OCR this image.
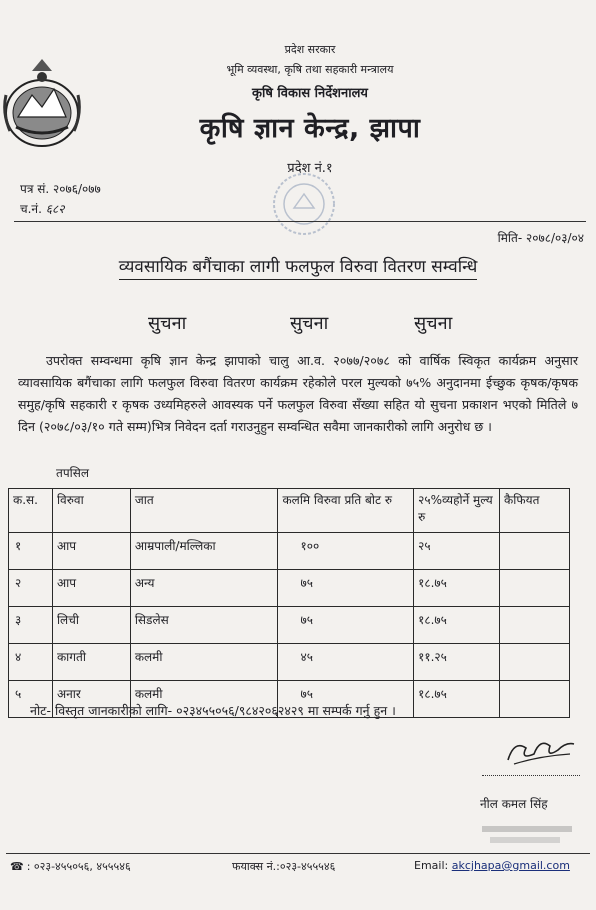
प्रदेश सरकार
भूमि व्यवस्था, कृषि तथा सहकारी मन्त्रालय
कृषि विकास निर्देशनालय
कृषि ज्ञान केन्द्र, झापा
प्रदेश नं.१
पत्र सं. २०७६/०७७
च.नं. ६८२
मिति- २०७८/०३/०४
व्यवसायिक बगैंचाका लागी फलफुल विरुवा वितरण सम्वन्धि
सुचना	सुचना	सुचना
उपरोक्त सम्वन्धमा कृषि ज्ञान केन्द्र झापाको चालु आ.व. २०७७/२०७८ को वार्षिक स्विकृत कार्यक्रम अनुसार व्यावसायिक बगैंचाका लागि फलफुल विरुवा वितरण कार्यक्रम रहेकोले परल मुल्यको ७५% अनुदानमा ईच्छुक कृषक/कृषक समुह/कृषि सहकारी र कृषक उध्यमिहरुले आवस्यक पर्ने फलफुल विरुवा सँख्या सहित यो सुचना प्रकाशन भएको मितिले ७ दिन (२०७८/०३/१० गते सम्म)भित्र निवेदन दर्ता गराउनुहुन सम्वन्धित सवैमा जानकारीको लागि अनुरोध छ ।
तपसिल
क.स.	विरुवा	जात	कलमि विरुवा प्रति बोट रु	२५%व्यहोर्ने मुल्य रु	कैफियत
१	आप	आम्रपाली/मल्लिका	१००	२५	
२	आप	अन्य	७५	१८.७५	
३	लिची	सिडलेस	७५	१८.७५	
४	कागती	कलमी	४५	११.२५	
५	अनार	कलमी	७५	१८.७५	
नोट- विस्तृत जानकारीको लागि- ०२३४५५०५६/९८४२०६२४२९ मा सम्पर्क गर्नु हुन ।
नील कमल सिंह
☎ : ०२३-४५५०५६, ४५५५४६	फयाक्स नं.:०२३-४५५५४६	Email: akcjhapa@gmail.com
